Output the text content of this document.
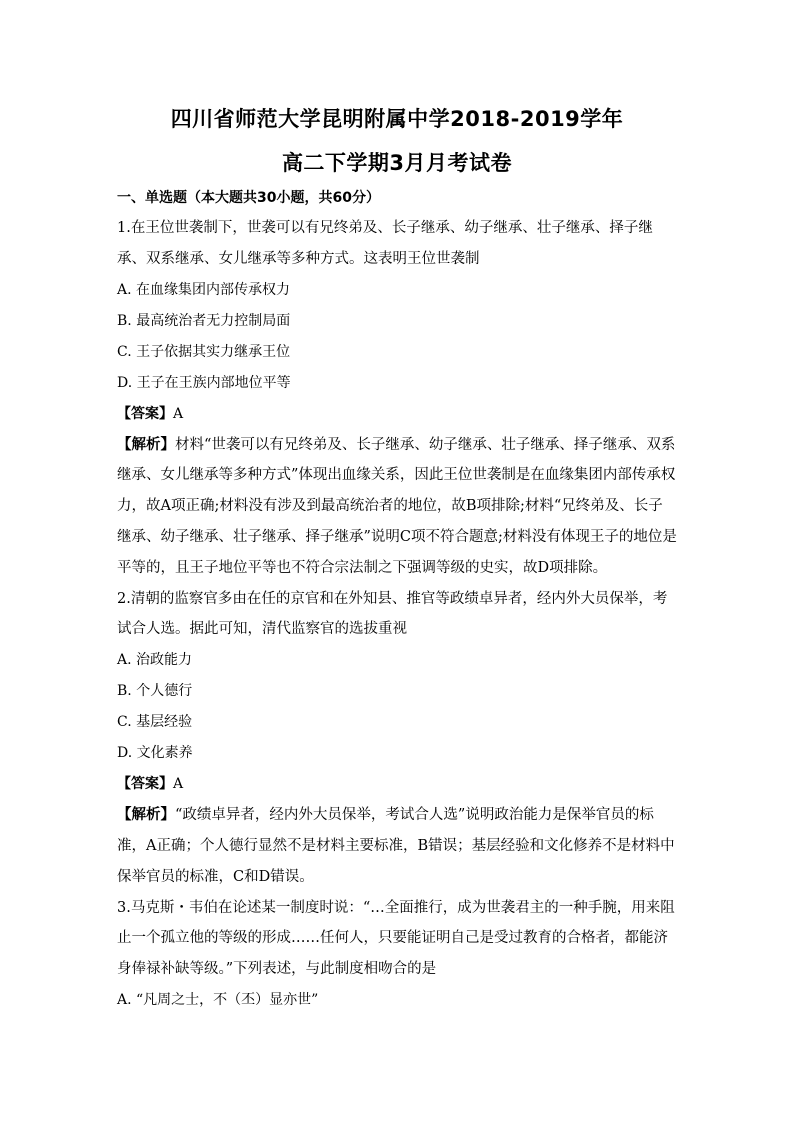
四川省师范大学昆明附属中学2018-2019学年
高二下学期3月月考试卷
一、单选题（本大题共30小题，共60分）

1.在王位世袭制下，世袭可以有兄终弟及、长子继承、幼子继承、壮子继承、择子继承、双系继承、女儿继承等多种方式。这表明王位世袭制

A. 在血缘集团内部传承权力

B. 最高统治者无力控制局面

C. 王子依据其实力继承王位

D. 王子在王族内部地位平等

【答案】A

【解析】材料“世袭可以有兄终弟及、长子继承、幼子继承、壮子继承、择子继承、双系继承、女儿继承等多种方式”体现出血缘关系，因此王位世袭制是在血缘集团内部传承权力，故A项正确;材料没有涉及到最高统治者的地位，故B项排除;材料“兄终弟及、长子继承、幼子继承、壮子继承、择子继承”说明C项不符合题意;材料没有体现王子的地位是平等的，且王子地位平等也不符合宗法制之下强调等级的史实，故D项排除。

2.清朝的监察官多由在任的京官和在外知县、推官等政绩卓异者，经内外大员保举，考试合人选。据此可知，清代监察官的选拔重视

A. 治政能力

B. 个人德行

C. 基层经验

D. 文化素养

【答案】A

【解析】“政绩卓异者，经内外大员保举，考试合人选”说明政治能力是保举官员的标准，A正确；个人德行显然不是材料主要标准，B错误；基层经验和文化修养不是材料中保举官员的标准，C和D错误。

3.马克斯・韦伯在论述某一制度时说：“…全面推行，成为世袭君主的一种手腕，用来阻止一个孤立他的等级的形成……任何人，只要能证明自己是受过教育的合格者，都能济身俸禄补缺等级。”下列表述，与此制度相吻合的是

A. “凡周之士，不（丕）显亦世”
